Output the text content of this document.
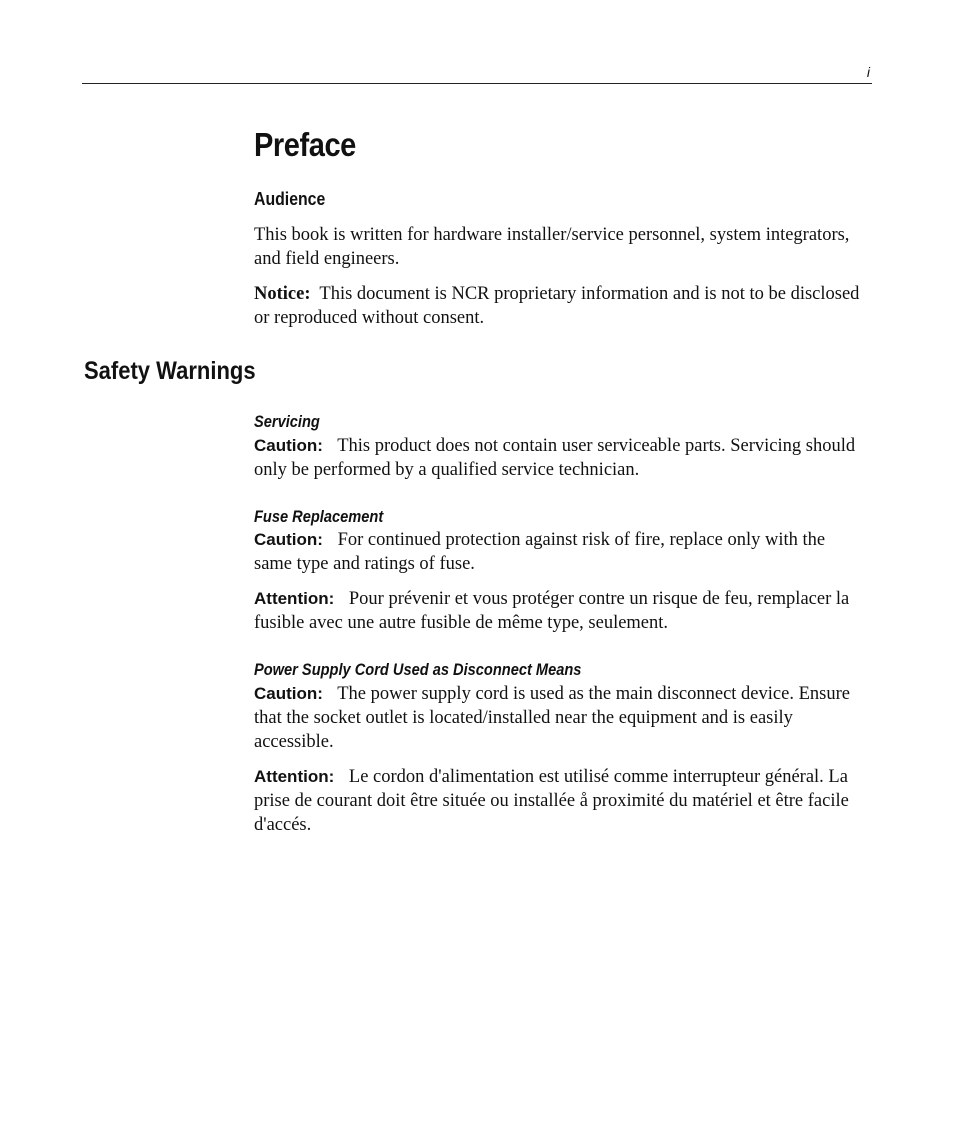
i
Preface
Audience

This book is written for hardware installer/service personnel, system integrators, and field engineers.

Notice: This document is NCR proprietary information and is not to be disclosed or reproduced without consent.

Safety Warnings
Servicing

Caution: This product does not contain user serviceable parts. Servicing should only be performed by a qualified service technician.

Fuse Replacement

Caution: For continued protection against risk of fire, replace only with the same type and ratings of fuse.

Attention: Pour prévenir et vous protéger contre un risque de feu, remplacer la fusible avec une autre fusible de même type, seulement.

Power Supply Cord Used as Disconnect Means

Caution: The power supply cord is used as the main disconnect device. Ensure that the socket outlet is located/installed near the equipment and is easily accessible.

Attention: Le cordon d'alimentation est utilisé comme interrupteur général. La prise de courant doit être située ou installée å proximité du matériel et être facile d'accés.
